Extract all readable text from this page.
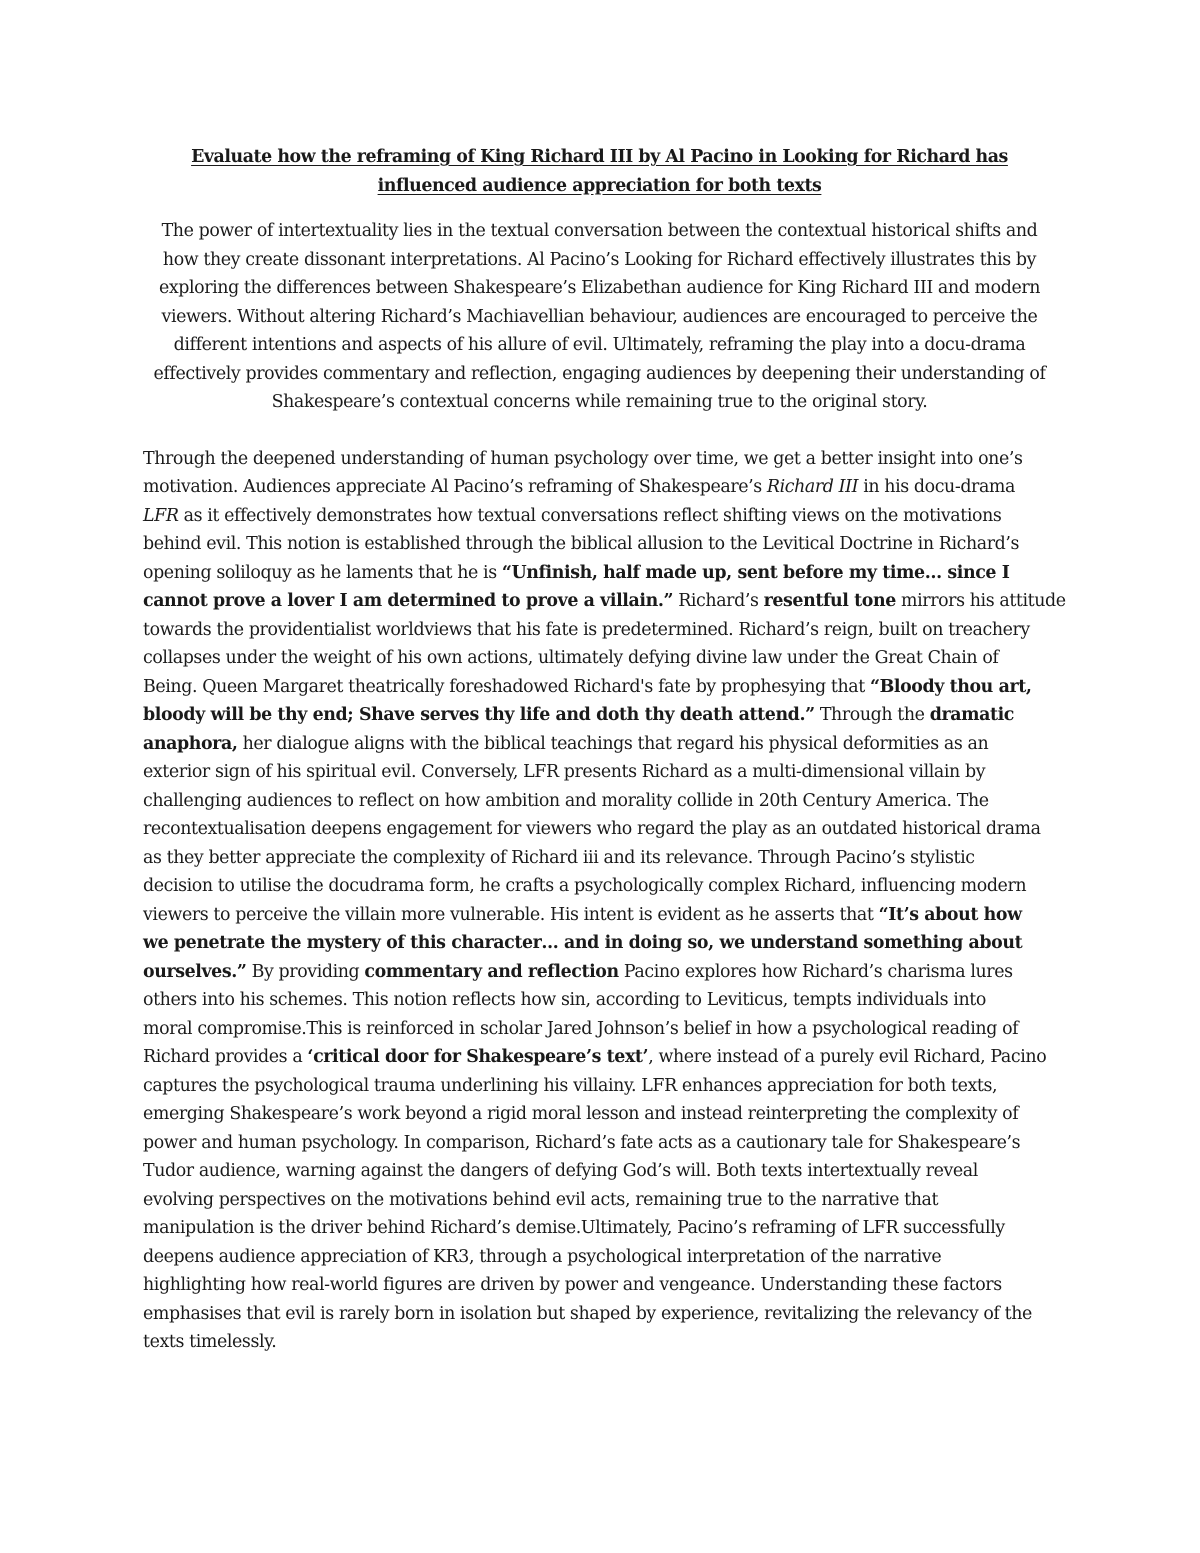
Evaluate how the reframing of King Richard III by Al Pacino in Looking for Richard has
influenced audience appreciation for both texts

The power of intertextuality lies in the textual conversation between the contextual historical shifts and
how they create dissonant interpretations. Al Pacino’s Looking for Richard effectively illustrates this by
exploring the differences between Shakespeare’s Elizabethan audience for King Richard III and modern
viewers. Without altering Richard’s Machiavellian behaviour, audiences are encouraged to perceive the
different intentions and aspects of his allure of evil. Ultimately, reframing the play into a docu-drama
effectively provides commentary and reflection, engaging audiences by deepening their understanding of
Shakespeare’s contextual concerns while remaining true to the original story.

Through the deepened understanding of human psychology over time, we get a better insight into one’s
motivation. Audiences appreciate Al Pacino’s reframing of Shakespeare’s Richard III in his docu-drama
LFR as it effectively demonstrates how textual conversations reflect shifting views on the motivations
behind evil. This notion is established through the biblical allusion to the Levitical Doctrine in Richard’s
opening soliloquy as he laments that he is “Unfinish, half made up, sent before my time… since I
cannot prove a lover I am determined to prove a villain.” Richard’s resentful tone mirrors his attitude
towards the providentialist worldviews that his fate is predetermined. Richard’s reign, built on treachery
collapses under the weight of his own actions, ultimately defying divine law under the Great Chain of
Being. Queen Margaret theatrically foreshadowed Richard's fate by prophesying that “Bloody thou art,
bloody will be thy end; Shave serves thy life and doth thy death attend.” Through the dramatic
anaphora, her dialogue aligns with the biblical teachings that regard his physical deformities as an
exterior sign of his spiritual evil. Conversely, LFR presents Richard as a multi-dimensional villain by
challenging audiences to reflect on how ambition and morality collide in 20th Century America. The
recontextualisation deepens engagement for viewers who regard the play as an outdated historical drama
as they better appreciate the complexity of Richard iii and its relevance. Through Pacino’s stylistic
decision to utilise the docudrama form, he crafts a psychologically complex Richard, influencing modern
viewers to perceive the villain more vulnerable. His intent is evident as he asserts that “It’s about how
we penetrate the mystery of this character… and in doing so, we understand something about
ourselves.” By providing commentary and reflection Pacino explores how Richard’s charisma lures
others into his schemes. This notion reflects how sin, according to Leviticus, tempts individuals into
moral compromise.This is reinforced in scholar Jared Johnson’s belief in how a psychological reading of
Richard provides a ‘critical door for Shakespeare’s text’, where instead of a purely evil Richard, Pacino
captures the psychological trauma underlining his villainy. LFR enhances appreciation for both texts,
emerging Shakespeare’s work beyond a rigid moral lesson and instead reinterpreting the complexity of
power and human psychology. In comparison, Richard’s fate acts as a cautionary tale for Shakespeare’s
Tudor audience, warning against the dangers of defying God’s will. Both texts intertextually reveal
evolving perspectives on the motivations behind evil acts, remaining true to the narrative that
manipulation is the driver behind Richard’s demise.Ultimately, Pacino’s reframing of LFR successfully
deepens audience appreciation of KR3, through a psychological interpretation of the narrative
highlighting how real-world figures are driven by power and vengeance. Understanding these factors
emphasises that evil is rarely born in isolation but shaped by experience, revitalizing the relevancy of the
texts timelessly.
